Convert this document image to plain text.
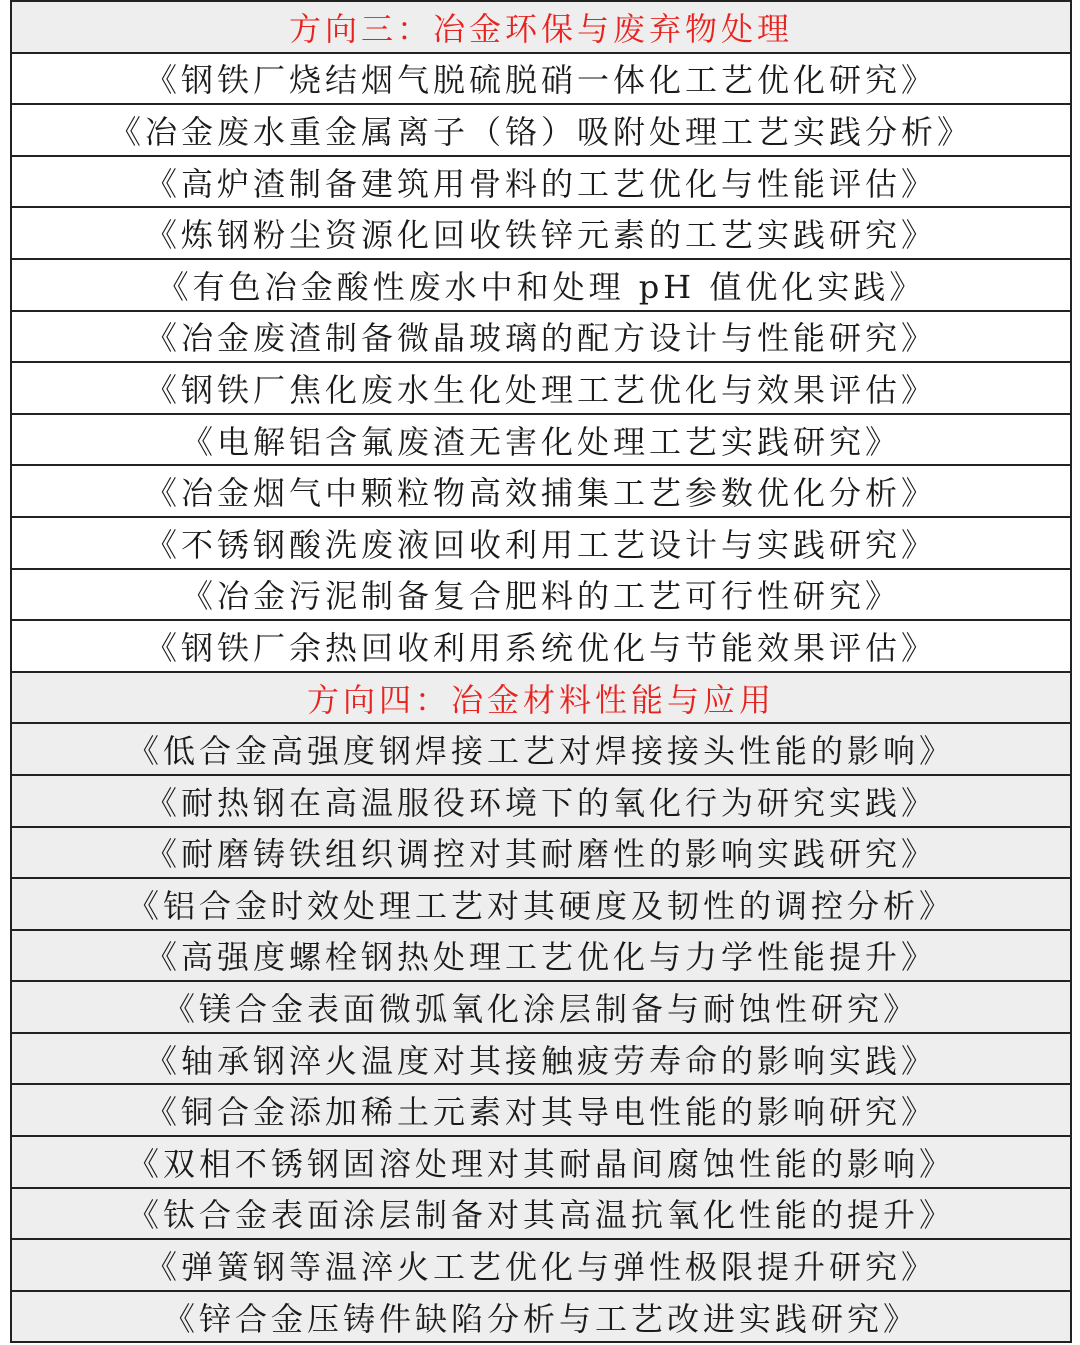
方向三：冶金环保与废弃物处理
《钢铁厂烧结烟气脱硫脱硝一体化工艺优化研究》
《冶金废水重金属离子（铬）吸附处理工艺实践分析》
《高炉渣制备建筑用骨料的工艺优化与性能评估》
《炼钢粉尘资源化回收铁锌元素的工艺实践研究》
《有色冶金酸性废水中和处理 pH 值优化实践》
《冶金废渣制备微晶玻璃的配方设计与性能研究》
《钢铁厂焦化废水生化处理工艺优化与效果评估》
《电解铝含氟废渣无害化处理工艺实践研究》
《冶金烟气中颗粒物高效捕集工艺参数优化分析》
《不锈钢酸洗废液回收利用工艺设计与实践研究》
《冶金污泥制备复合肥料的工艺可行性研究》
《钢铁厂余热回收利用系统优化与节能效果评估》
方向四：冶金材料性能与应用
《低合金高强度钢焊接工艺对焊接接头性能的影响》
《耐热钢在高温服役环境下的氧化行为研究实践》
《耐磨铸铁组织调控对其耐磨性的影响实践研究》
《铝合金时效处理工艺对其硬度及韧性的调控分析》
《高强度螺栓钢热处理工艺优化与力学性能提升》
《镁合金表面微弧氧化涂层制备与耐蚀性研究》
《轴承钢淬火温度对其接触疲劳寿命的影响实践》
《铜合金添加稀土元素对其导电性能的影响研究》
《双相不锈钢固溶处理对其耐晶间腐蚀性能的影响》
《钛合金表面涂层制备对其高温抗氧化性能的提升》
《弹簧钢等温淬火工艺优化与弹性极限提升研究》
《锌合金压铸件缺陷分析与工艺改进实践研究》
